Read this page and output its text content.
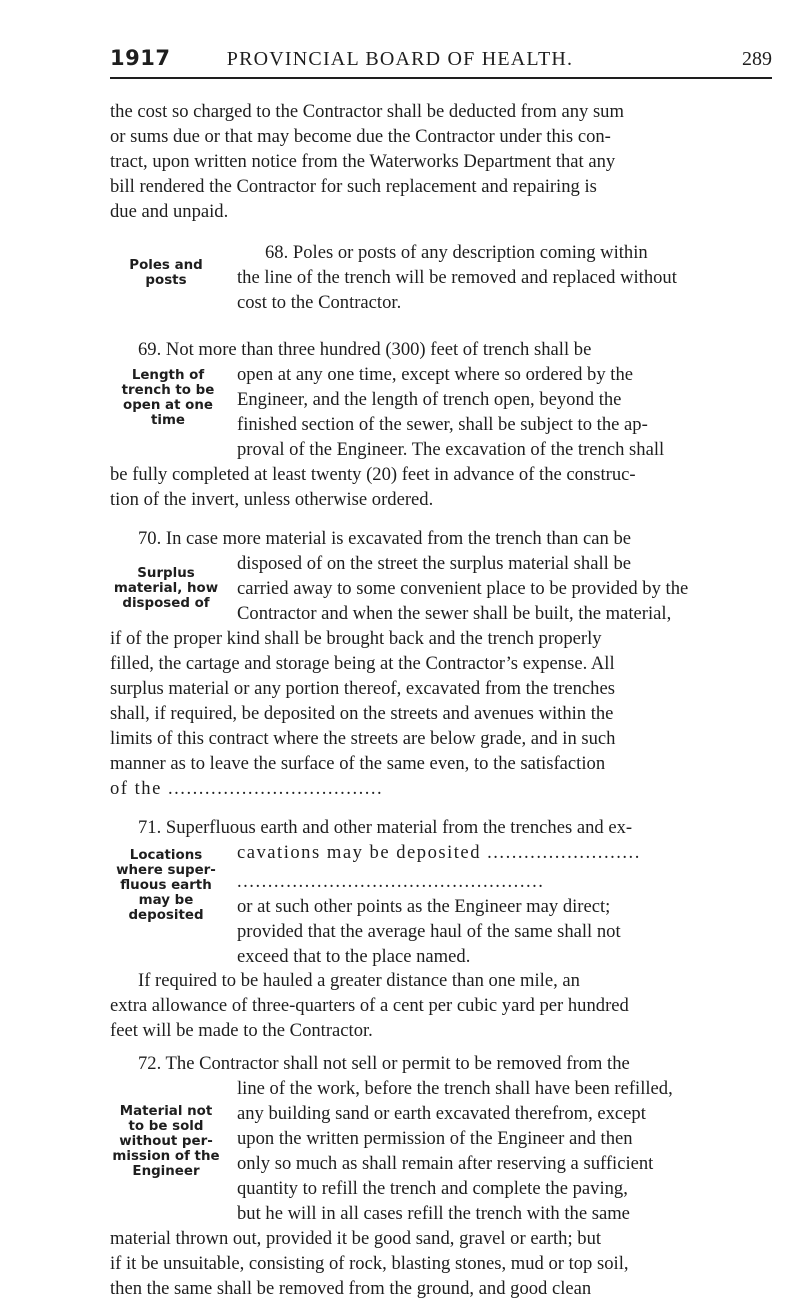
1917	PROVINCIAL BOARD OF HEALTH.	289

the cost so charged to the Contractor shall be deducted from any sum

or sums due or that may become due the Contractor under this con-

tract, upon written notice from the Waterworks Department that any

bill rendered the Contractor for such replacement and repairing is

due and unpaid.

Poles and
posts

68. Poles or posts of any description coming within

the line of the trench will be removed and replaced without

cost to the Contractor.

69. Not more than three hundred (300) feet of trench shall be

Length of
trench to be
open at one
time

open at any one time, except where so ordered by the

Engineer, and the length of trench open, beyond the

finished section of the sewer, shall be subject to the ap-

proval of the Engineer. The excavation of the trench shall

be fully completed at least twenty (20) feet in advance of the construc-

tion of the invert, unless otherwise ordered.

70. In case more material is excavated from the trench than can be

Surplus
material, how
disposed of

disposed of on the street the surplus material shall be

carried away to some convenient place to be provided by the

Contractor and when the sewer shall be built, the material,

if of the proper kind shall be brought back and the trench properly

filled, the cartage and storage being at the Contractor’s expense. All

surplus material or any portion thereof, excavated from the trenches

shall, if required, be deposited on the streets and avenues within the

limits of this contract where the streets are below grade, and in such

manner as to leave the surface of the same even, to the satisfaction

of the ...................................

Locations
where super-
fluous earth
may be
deposited

71. Superfluous earth and other material from the trenches and ex-

cavations may be deposited .........................

..................................................

or at such other points as the Engineer may direct;

provided that the average haul of the same shall not

exceed that to the place named.

If required to be hauled a greater distance than one mile, an

extra allowance of three-quarters of a cent per cubic yard per hundred

feet will be made to the Contractor.

72. The Contractor shall not sell or permit to be removed from the

Material not
to be sold
without per-
mission of the
Engineer

line of the work, before the trench shall have been refilled,

any building sand or earth excavated therefrom, except

upon the written permission of the Engineer and then

only so much as shall remain after reserving a sufficient

quantity to refill the trench and complete the paving,

but he will in all cases refill the trench with the same

material thrown out, provided it be good sand, gravel or earth; but

if it be unsuitable, consisting of rock, blasting stones, mud or top soil,

then the same shall be removed from the ground, and good clean
